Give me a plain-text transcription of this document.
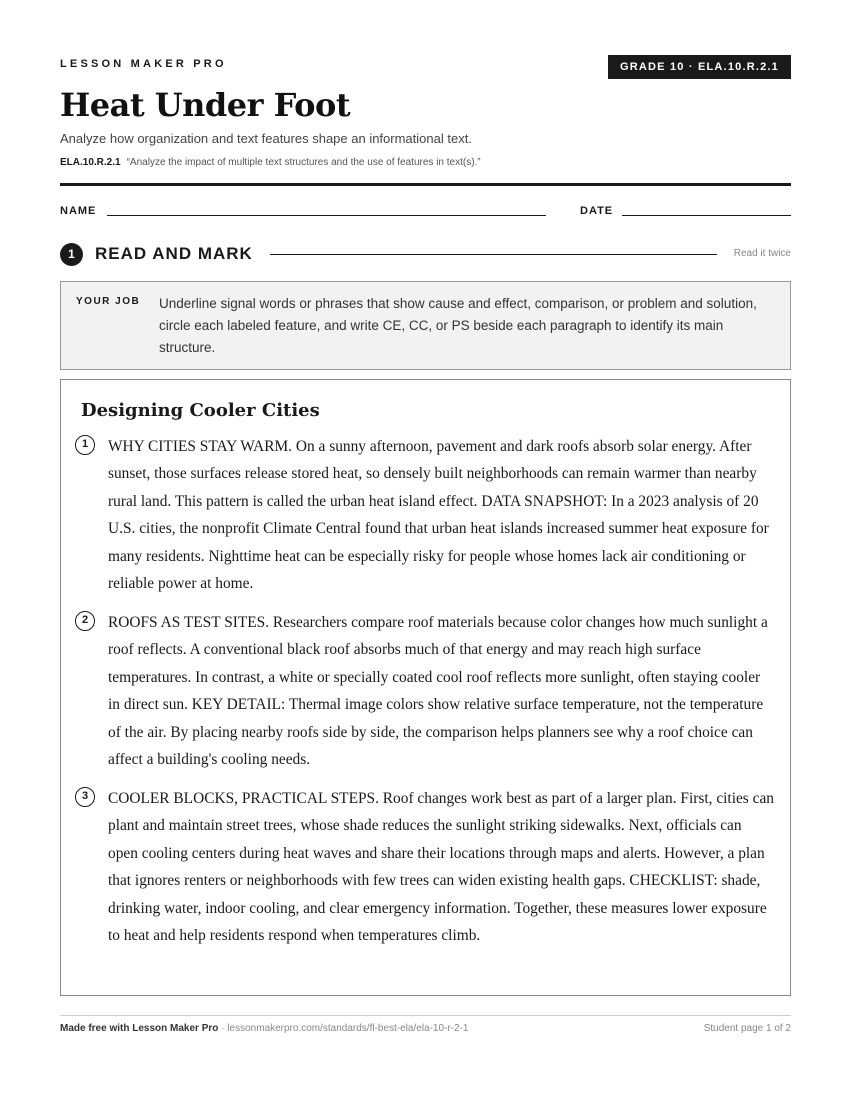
LESSON MAKER PRO	GRADE 10 · ELA.10.R.2.1
Heat Under Foot
Analyze how organization and text features shape an informational text.
ELA.10.R.2.1 “Analyze the impact of multiple text structures and the use of features in text(s).”
NAME	DATE
1	READ AND MARK	Read it twice
YOUR JOB Underline signal words or phrases that show cause and effect, comparison, or problem and solution, circle each labeled feature, and write CE, CC, or PS beside each paragraph to identify its main structure.
Designing Cooler Cities
1	WHY CITIES STAY WARM. On a sunny afternoon, pavement and dark roofs absorb solar energy. After sunset, those surfaces release stored heat, so densely built neighborhoods can remain warmer than nearby rural land. This pattern is called the urban heat island effect. DATA SNAPSHOT: In a 2023 analysis of 20 U.S. cities, the nonprofit Climate Central found that urban heat islands increased summer heat exposure for many residents. Nighttime heat can be especially risky for people whose homes lack air conditioning or reliable power at home.

2	ROOFS AS TEST SITES. Researchers compare roof materials because color changes how much sunlight a roof reflects. A conventional black roof absorbs much of that energy and may reach high surface temperatures. In contrast, a white or specially coated cool roof reflects more sunlight, often staying cooler in direct sun. KEY DETAIL: Thermal image colors show relative surface temperature, not the temperature of the air. By placing nearby roofs side by side, the comparison helps planners see why a roof choice can affect a building's cooling needs.

3	COOLER BLOCKS, PRACTICAL STEPS. Roof changes work best as part of a larger plan. First, cities can plant and maintain street trees, whose shade reduces the sunlight striking sidewalks. Next, officials can open cooling centers during heat waves and share their locations through maps and alerts. However, a plan that ignores renters or neighborhoods with few trees can widen existing health gaps. CHECKLIST: shade, drinking water, indoor cooling, and clear emergency information. Together, these measures lower exposure to heat and help residents respond when temperatures climb.

Made free with Lesson Maker Pro · lessonmakerpro.com/standards/fl-best-ela/ela-10-r-2-1	Student page 1 of 2
